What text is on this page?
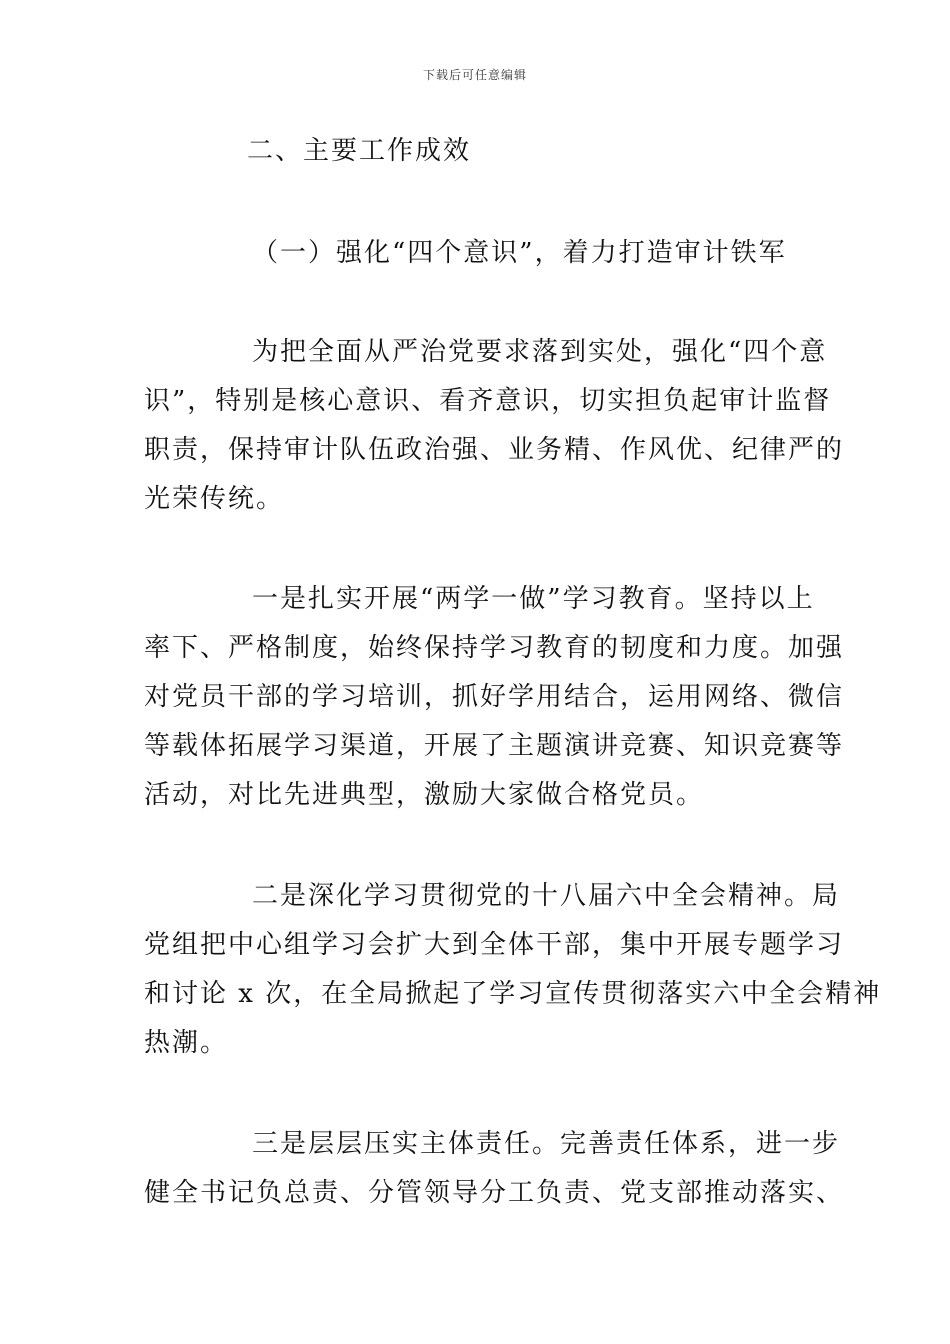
下载后可任意编辑
二、主要工作成效
（一）强化“四个意识”，着力打造审计铁军
为把全面从严治党要求落到实处，强化“四个意
识”，特别是核心意识、看齐意识，切实担负起审计监督
职责，保持审计队伍政治强、业务精、作风优、纪律严的
光荣传统。
一是扎实开展“两学一做”学习教育。坚持以上
率下、严格制度，始终保持学习教育的韧度和力度。加强
对党员干部的学习培训，抓好学用结合，运用网络、微信
等载体拓展学习渠道，开展了主题演讲竞赛、知识竞赛等
活动，对比先进典型，激励大家做合格党员。
二是深化学习贯彻党的十八届六中全会精神。局
党组把中心组学习会扩大到全体干部，集中开展专题学习
和讨论 x 次，在全局掀起了学习宣传贯彻落实六中全会精神
热潮。
三是层层压实主体责任。完善责任体系，进一步
健全书记负总责、分管领导分工负责、党支部推动落实、
